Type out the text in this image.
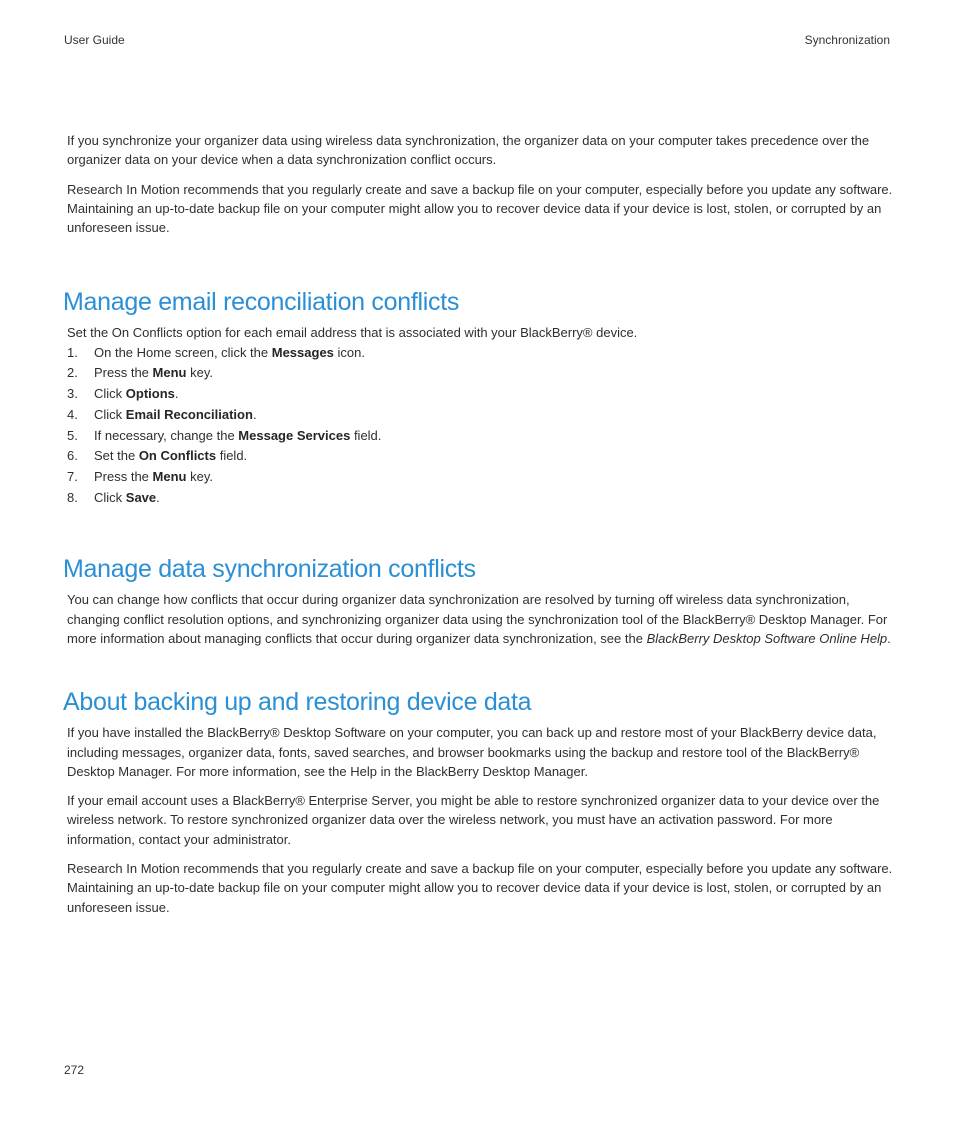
User Guide	Synchronization

If you synchronize your organizer data using wireless data synchronization, the organizer data on your computer takes precedence over the organizer data on your device when a data synchronization conflict occurs.

Research In Motion recommends that you regularly create and save a backup file on your computer, especially before you update any software. Maintaining an up-to-date backup file on your computer might allow you to recover device data if your device is lost, stolen, or corrupted by an unforeseen issue.

Manage email reconciliation conflicts

Set the On Conflicts option for each email address that is associated with your BlackBerry® device.

1. On the Home screen, click the Messages icon.
2. Press the Menu key.
3. Click Options.
4. Click Email Reconciliation.
5. If necessary, change the Message Services field.
6. Set the On Conflicts field.
7. Press the Menu key.
8. Click Save.
Manage data synchronization conflicts

You can change how conflicts that occur during organizer data synchronization are resolved by turning off wireless data synchronization, changing conflict resolution options, and synchronizing organizer data using the synchronization tool of the BlackBerry® Desktop Manager. For more information about managing conflicts that occur during organizer data synchronization, see the BlackBerry Desktop Software Online Help.

About backing up and restoring device data

If you have installed the BlackBerry® Desktop Software on your computer, you can back up and restore most of your BlackBerry device data, including messages, organizer data, fonts, saved searches, and browser bookmarks using the backup and restore tool of the BlackBerry® Desktop Manager. For more information, see the Help in the BlackBerry Desktop Manager.

If your email account uses a BlackBerry® Enterprise Server, you might be able to restore synchronized organizer data to your device over the wireless network. To restore synchronized organizer data over the wireless network, you must have an activation password. For more information, contact your administrator.

Research In Motion recommends that you regularly create and save a backup file on your computer, especially before you update any software. Maintaining an up-to-date backup file on your computer might allow you to recover device data if your device is lost, stolen, or corrupted by an unforeseen issue.

272
